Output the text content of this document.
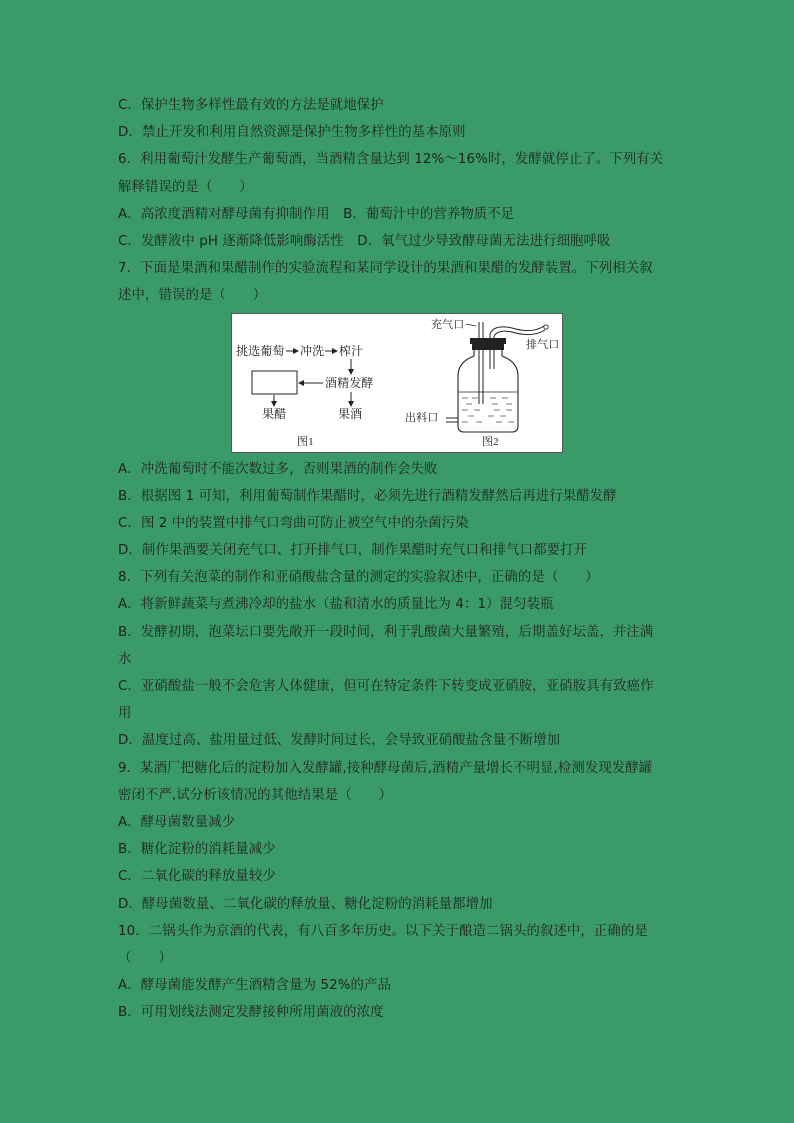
C．保护生物多样性最有效的方法是就地保护
D．禁止开发和利用自然资源是保护生物多样性的基本原则
6．利用葡萄汁发酵生产葡萄酒，当酒精含量达到 12%～16%时，发酵就停止了。下列有关
解释错误的是（　　）
A．高浓度酒精对酵母菌有抑制作用　B．葡萄汁中的营养物质不足
C．发酵液中 pH 逐渐降低影响酶活性　D．氧气过少导致酵母菌无法进行细胞呼吸
7．下面是果酒和果醋制作的实验流程和某同学设计的果酒和果醋的发酵装置。下列相关叙
述中，错误的是（　　）
挑选葡萄 冲洗 榨汁
酒精发酵
果醋	果酒
图1
充气口
排气口
出料口
图2
A．冲洗葡萄时不能次数过多，否则果酒的制作会失败
B．根据图 1 可知，利用葡萄制作果醋时，必须先进行酒精发酵然后再进行果醋发酵
C．图 2 中的装置中排气口弯曲可防止被空气中的杂菌污染
D．制作果酒要关闭充气口、打开排气口，制作果醋时充气口和排气口都要打开
8．下列有关泡菜的制作和亚硝酸盐含量的测定的实验叙述中，正确的是（　　）
A．将新鲜蔬菜与煮沸冷却的盐水（盐和清水的质量比为 4：1）混匀装瓶
B．发酵初期，泡菜坛口要先敞开一段时间，利于乳酸菌大量繁殖，后期盖好坛盖，并注满
水
C．亚硝酸盐一般不会危害人体健康，但可在特定条件下转变成亚硝胺，亚硝胺具有致癌作
用
D．温度过高、盐用量过低、发酵时间过长，会导致亚硝酸盐含量不断增加
9．某酒厂把糖化后的淀粉加入发酵罐,接种酵母菌后,酒精产量增长不明显,检测发现发酵罐
密闭不严,试分析该情况的其他结果是（　　）
A．酵母菌数量减少
B．糖化淀粉的消耗量减少
C．二氧化碳的释放量较少
D．酵母菌数量、二氧化碳的释放量、糖化淀粉的消耗量都增加
10．二锅头作为京酒的代表，有八百多年历史。以下关于酿造二锅头的叙述中，正确的是
（　　）
A．酵母菌能发酵产生酒精含量为 52%的产品
B．可用划线法测定发酵接种所用菌液的浓度
